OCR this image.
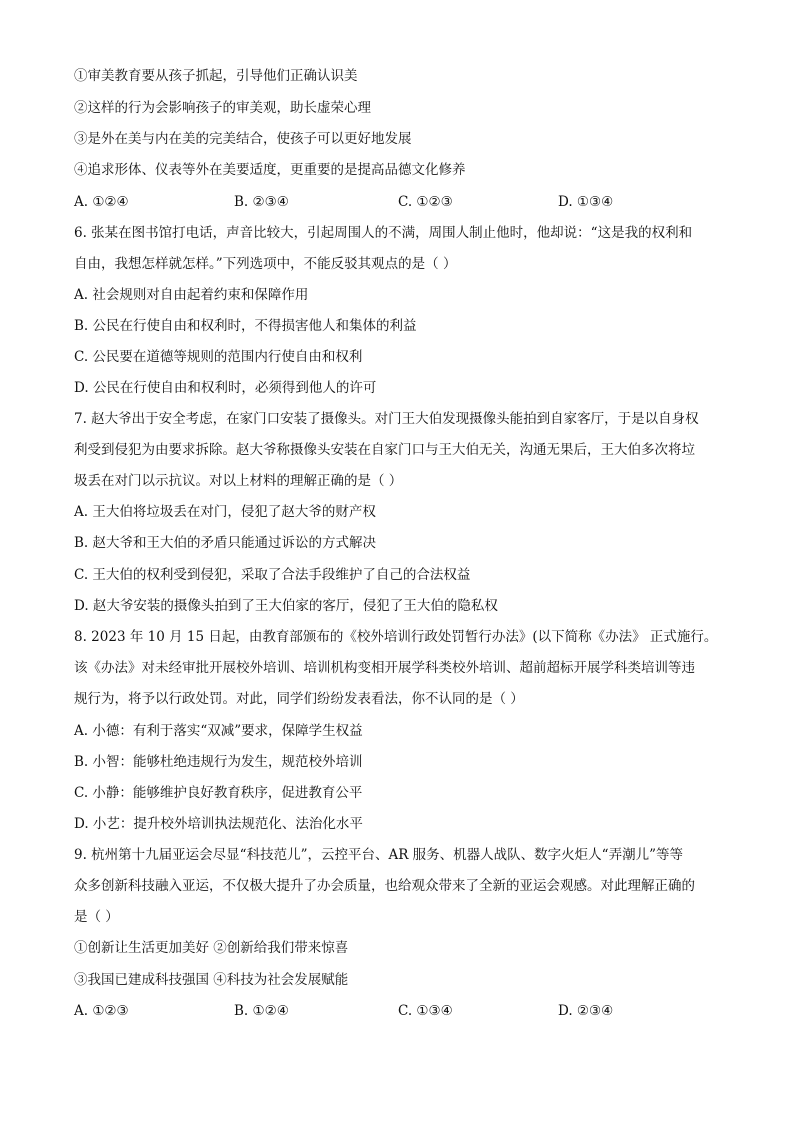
①审美教育要从孩子抓起，引导他们正确认识美
②这样的行为会影响孩子的审美观，助长虚荣心理
③是外在美与内在美的完美结合，使孩子可以更好地发展
④追求形体、仪表等外在美要适度，更重要的是提高品德文化修养
A. ①②④	B. ②③④	C. ①②③	D. ①③④
6. 张某在图书馆打电话，声音比较大，引起周围人的不满，周围人制止他时，他却说：“这是我的权利和
自由，我想怎样就怎样。”下列选项中，不能反驳其观点的是（ ）
A. 社会规则对自由起着约束和保障作用
B. 公民在行使自由和权利时，不得损害他人和集体的利益
C. 公民要在道德等规则的范围内行使自由和权利
D. 公民在行使自由和权利时，必须得到他人的许可
7. 赵大爷出于安全考虑，在家门口安装了摄像头。对门王大伯发现摄像头能拍到自家客厅，于是以自身权
利受到侵犯为由要求拆除。赵大爷称摄像头安装在自家门口与王大伯无关，沟通无果后，王大伯多次将垃
圾丢在对门以示抗议。对以上材料的理解正确的是（ ）
A. 王大伯将垃圾丢在对门，侵犯了赵大爷的财产权
B. 赵大爷和王大伯的矛盾只能通过诉讼的方式解决
C. 王大伯的权利受到侵犯，采取了合法手段维护了自己的合法权益
D. 赵大爷安装的摄像头拍到了王大伯家的客厅，侵犯了王大伯的隐私权
8. 2023 年 10 月 15 日起，由教育部颁布的《校外培训行政处罚暂行办法》(以下简称《办法》 正式施行。
该《办法》对未经审批开展校外培训、培训机构变相开展学科类校外培训、超前超标开展学科类培训等违
规行为，将予以行政处罚。对此，同学们纷纷发表看法，你不认同的是（ ）
A. 小德：有利于落实“双减”要求，保障学生权益
B. 小智：能够杜绝违规行为发生，规范校外培训
C. 小静：能够维护良好教育秩序，促进教育公平
D. 小艺：提升校外培训执法规范化、法治化水平
9. 杭州第十九届亚运会尽显“科技范儿”，云控平台、AR 服务、机器人战队、数字火炬人“弄潮儿”等等
众多创新科技融入亚运，不仅极大提升了办会质量，也给观众带来了全新的亚运会观感。对此理解正确的
是（ ）
①创新让生活更加美好 ②创新给我们带来惊喜
③我国已建成科技强国 ④科技为社会发展赋能
A. ①②③	B. ①②④	C. ①③④	D. ②③④
